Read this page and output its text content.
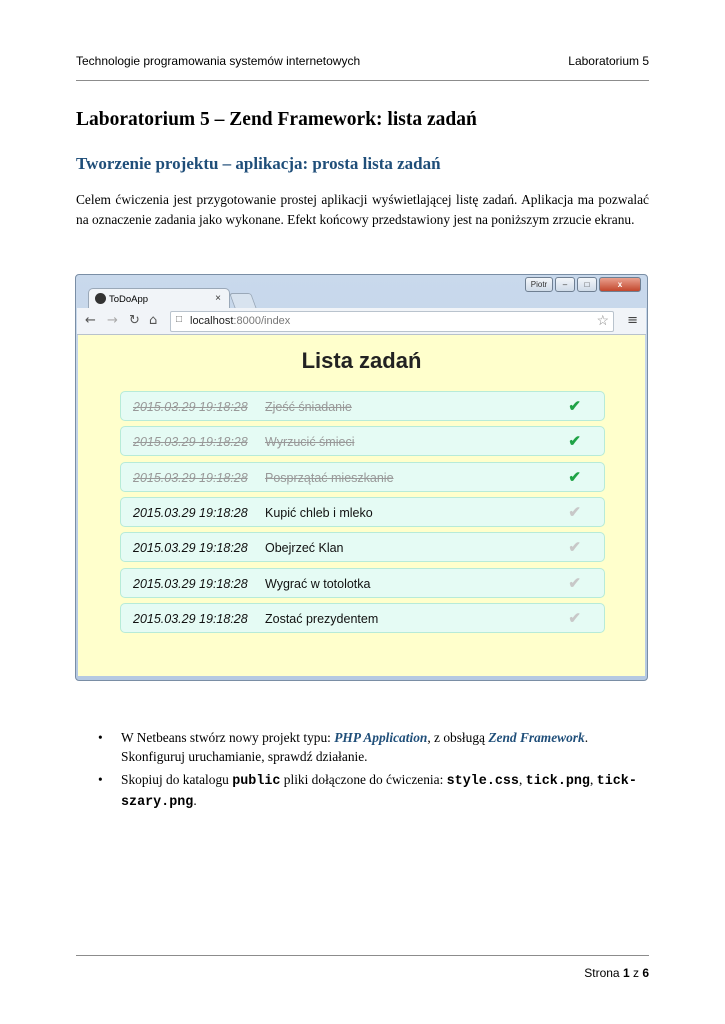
Technologie programowania systemów internetowych	Laboratorium 5
Laboratorium 5 – Zend Framework: lista zadań
Tworzenie projektu – aplikacja: prosta lista zadań

Celem ćwiczenia jest przygotowanie prostej aplikacji wyświetlającej listę zadań. Aplikacja ma pozwalać na oznaczenie zadania jako wykonane. Efekt końcowy przedstawiony jest na poniższym zrzucie ekranu.

Piotr	–	□	x
ToDoApp	×
← → ↻ ⌂ □ localhost:8000/index	☆ ≡
Lista zadań
2015.03.29 19:18:28 Zjeść śniadanie	✔
2015.03.29 19:18:28 Wyrzucić śmieci	✔
2015.03.29 19:18:28 Posprzątać mieszkanie	✔
2015.03.29 19:18:28 Kupić chleb i mleko	✔
2015.03.29 19:18:28 Obejrzeć Klan	✔
2015.03.29 19:18:28 Wygrać w totolotka	✔
2015.03.29 19:18:28 Zostać prezydentem	✔
• W Netbeans stwórz nowy projekt typu: PHP Application, z obsługą Zend Framework. Skonfiguruj uruchamianie, sprawdź działanie.
• Skopiuj do katalogu public pliki dołączone do ćwiczenia: style.css, tick.png, tick-szary.png.
Strona 1 z 6
